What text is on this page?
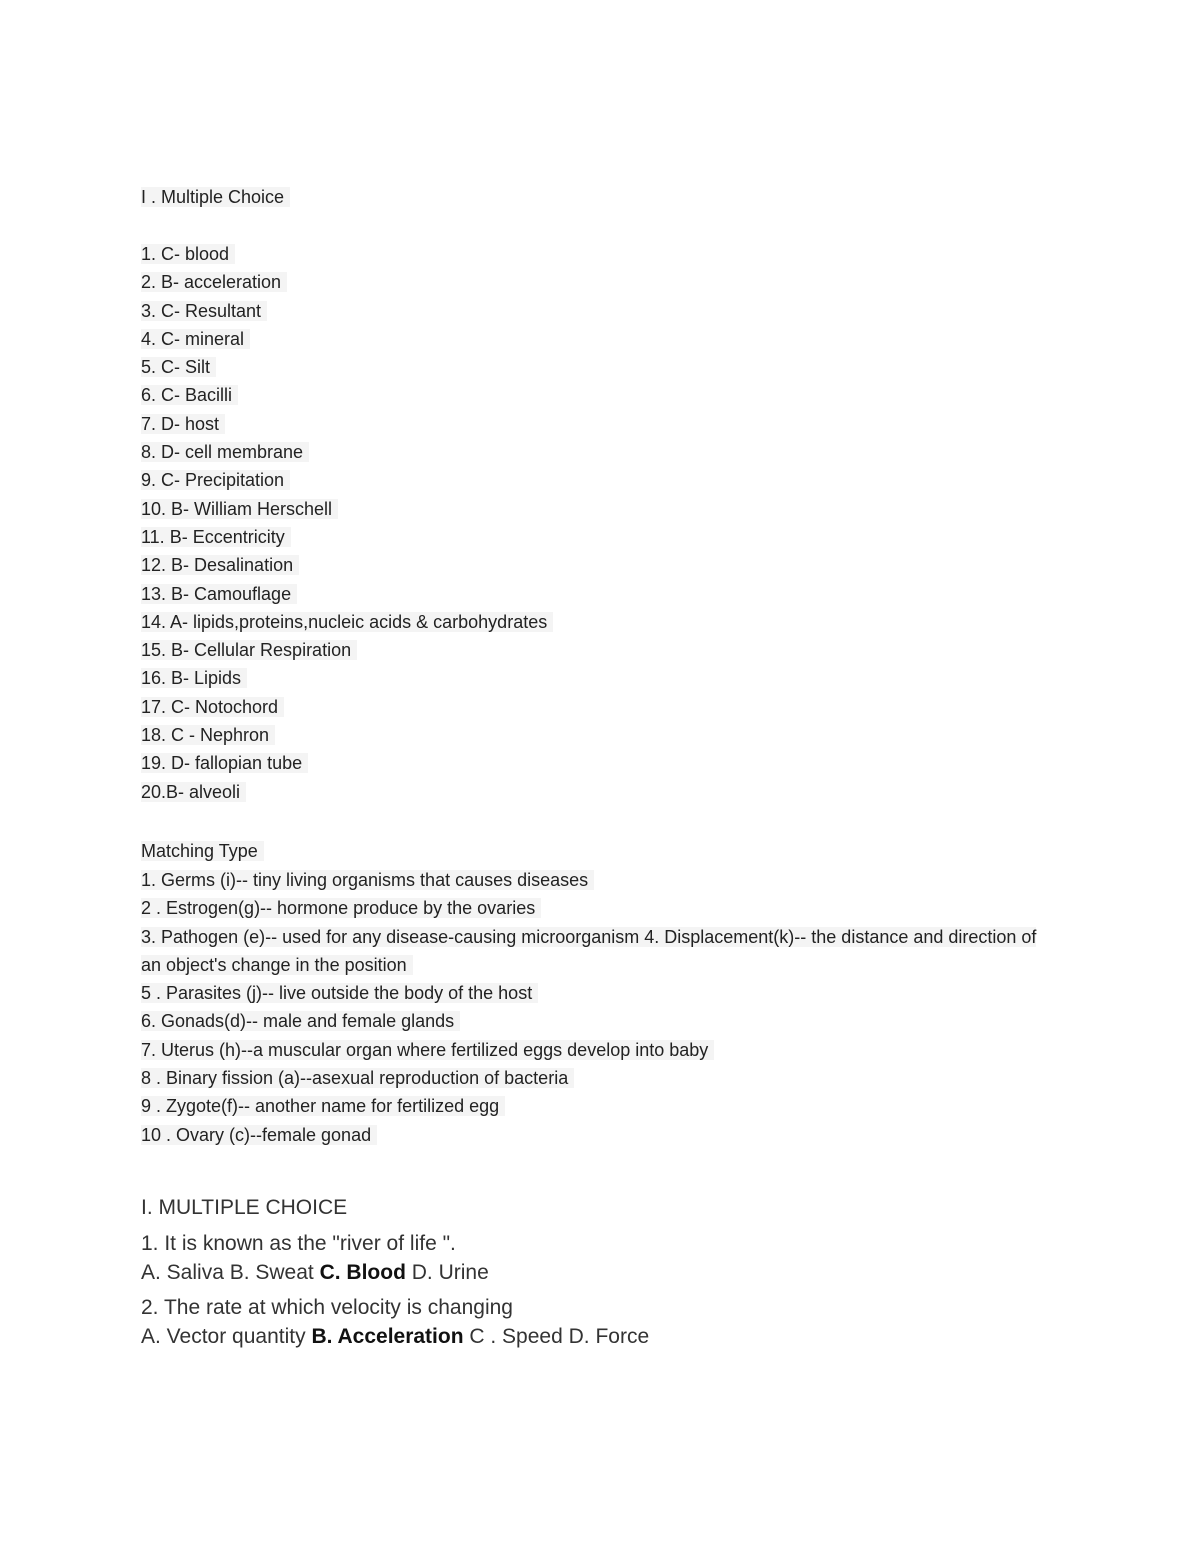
I . Multiple Choice
1. C- blood
2. B- acceleration
3. C- Resultant
4. C- mineral
5. C- Silt
6. C- Bacilli
7. D- host
8. D- cell membrane
9. C- Precipitation
10. B- William Herschell
11. B- Eccentricity
12. B- Desalination
13. B- Camouflage
14. A- lipids,proteins,nucleic acids & carbohydrates
15. B- Cellular Respiration
16. B- Lipids
17. C- Notochord
18. C - Nephron
19. D- fallopian tube
20.B- alveoli
Matching Type
1. Germs (i)-- tiny living organisms that causes diseases
2 . Estrogen(g)-- hormone produce by the ovaries
3. Pathogen (e)-- used for any disease-causing microorganism 4. Displacement(k)-- the distance and direction of an object's change in the position
5 . Parasites (j)-- live outside the body of the host
6. Gonads(d)-- male and female glands
7. Uterus (h)--a muscular organ where fertilized eggs develop into baby
8 . Binary fission (a)--asexual reproduction of bacteria
9 . Zygote(f)-- another name for fertilized egg
10 . Ovary (c)--female gonad
I. MULTIPLE CHOICE
1. It is known as the "river of life ".
A. Saliva B. Sweat C. Blood D. Urine
2. The rate at which velocity is changing
A. Vector quantity B. Acceleration C . Speed D. Force
